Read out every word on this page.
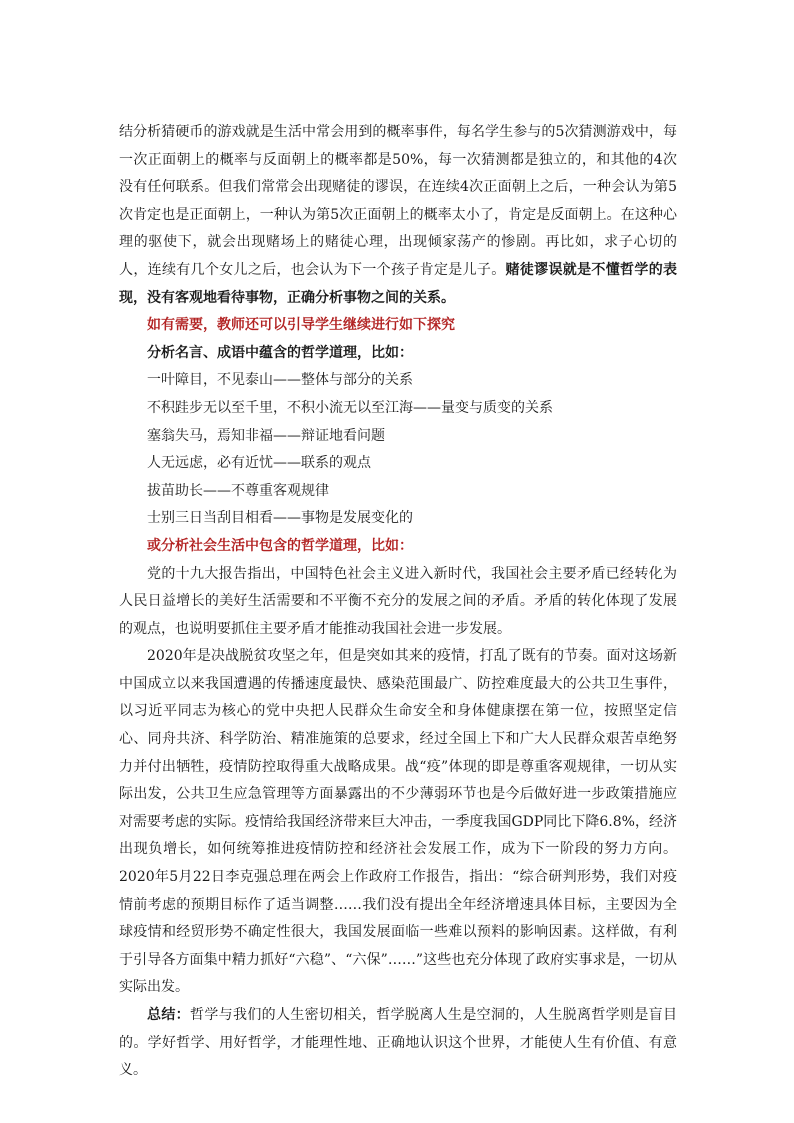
结分析猜硬币的游戏就是生活中常会用到的概率事件，每名学生参与的5次猜测游戏中，每一次正面朝上的概率与反面朝上的概率都是50%，每一次猜测都是独立的，和其他的4次没有任何联系。但我们常常会出现赌徒的谬误，在连续4次正面朝上之后，一种会认为第5次肯定也是正面朝上，一种认为第5次正面朝上的概率太小了，肯定是反面朝上。在这种心理的驱使下，就会出现赌场上的赌徒心理，出现倾家荡产的惨剧。再比如，求子心切的人，连续有几个女儿之后，也会认为下一个孩子肯定是儿子。赌徒谬误就是不懂哲学的表现，没有客观地看待事物，正确分析事物之间的关系。

如有需要，教师还可以引导学生继续进行如下探究

分析名言、成语中蕴含的哲学道理，比如：

一叶障目，不见泰山——整体与部分的关系

不积跬步无以至千里，不积小流无以至江海——量变与质变的关系

塞翁失马，焉知非福——辩证地看问题

人无远虑，必有近忧——联系的观点

拔苗助长——不尊重客观规律

士别三日当刮目相看——事物是发展变化的

或分析社会生活中包含的哲学道理，比如：

党的十九大报告指出，中国特色社会主义进入新时代，我国社会主要矛盾已经转化为人民日益增长的美好生活需要和不平衡不充分的发展之间的矛盾。矛盾的转化体现了发展的观点，也说明要抓住主要矛盾才能推动我国社会进一步发展。

2020年是决战脱贫攻坚之年，但是突如其来的疫情，打乱了既有的节奏。面对这场新中国成立以来我国遭遇的传播速度最快、感染范围最广、防控难度最大的公共卫生事件，以习近平同志为核心的党中央把人民群众生命安全和身体健康摆在第一位，按照坚定信心、同舟共济、科学防治、精准施策的总要求，经过全国上下和广大人民群众艰苦卓绝努力并付出牺牲，疫情防控取得重大战略成果。战“疫”体现的即是尊重客观规律，一切从实际出发，公共卫生应急管理等方面暴露出的不少薄弱环节也是今后做好进一步政策措施应对需要考虑的实际。疫情给我国经济带来巨大冲击，一季度我国GDP同比下降6.8%，经济出现负增长，如何统筹推进疫情防控和经济社会发展工作，成为下一阶段的努力方向。2020年5月22日李克强总理在两会上作政府工作报告，指出：“综合研判形势，我们对疫情前考虑的预期目标作了适当调整……我们没有提出全年经济增速具体目标，主要因为全球疫情和经贸形势不确定性很大，我国发展面临一些难以预料的影响因素。这样做，有利于引导各方面集中精力抓好“六稳”、“六保”……”这些也充分体现了政府实事求是，一切从实际出发。

总结：哲学与我们的人生密切相关，哲学脱离人生是空洞的，人生脱离哲学则是盲目的。学好哲学、用好哲学，才能理性地、正确地认识这个世界，才能使人生有价值、有意义。
